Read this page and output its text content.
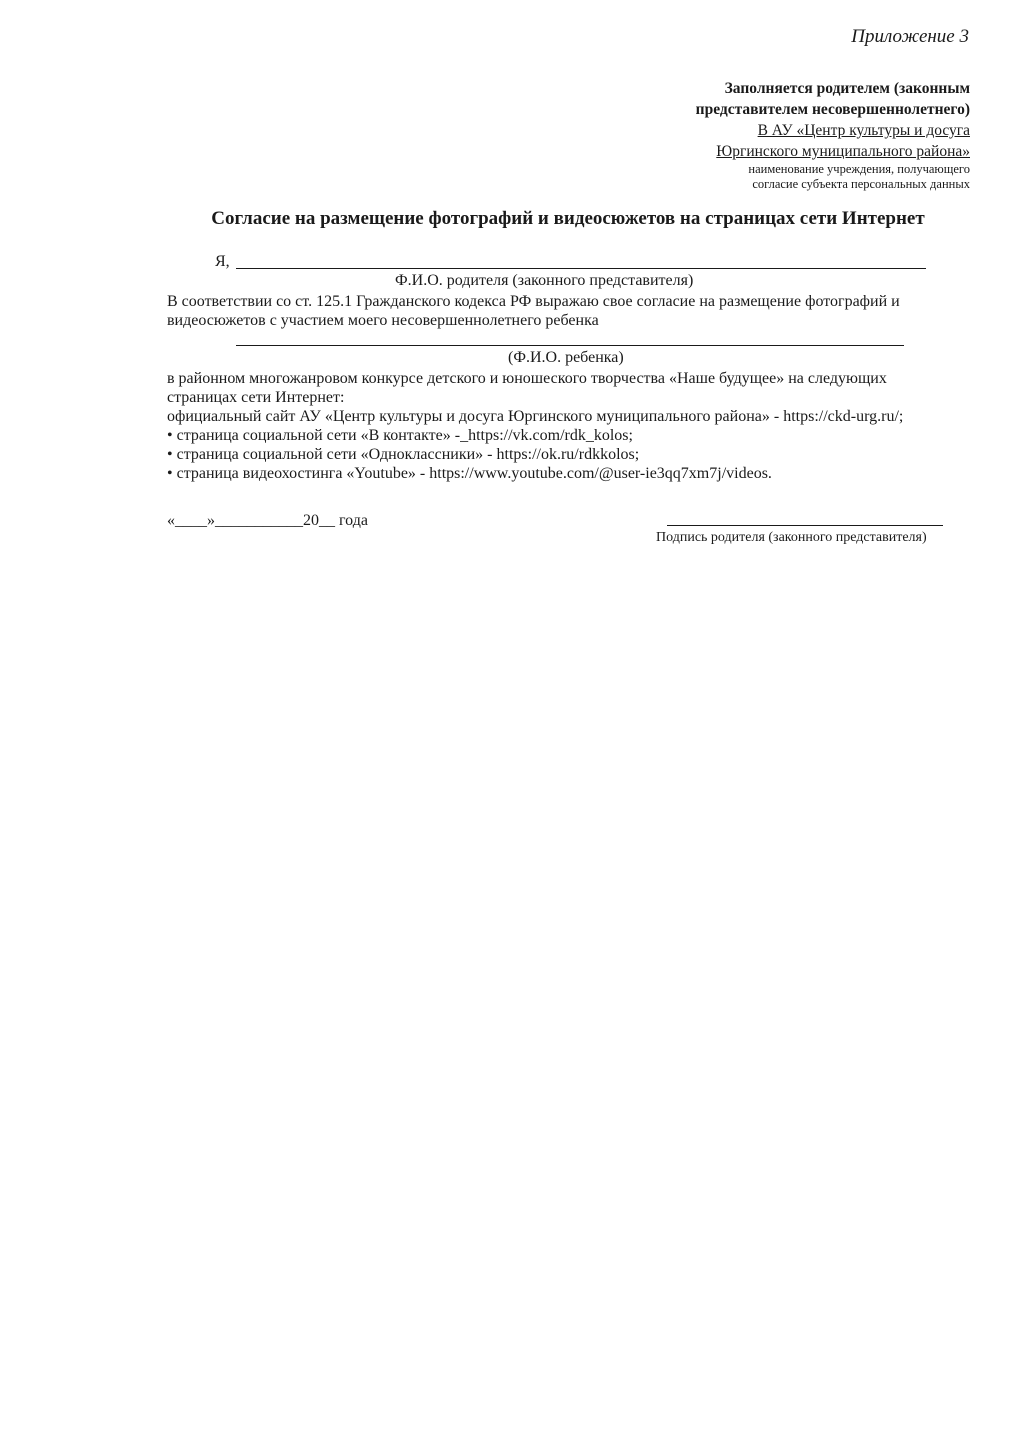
Приложение 3
Заполняется родителем (законным
представителем несовершеннолетнего)
В АУ «Центр культуры и досуга
Юргинского муниципального района»
наименование учреждения, получающего
согласие субъекта персональных данных
Согласие на размещение фотографий и видеосюжетов на страницах сети Интернет
Я,
Ф.И.О. родителя (законного представителя)
В соответствии со ст. 125.1 Гражданского кодекса РФ выражаю свое согласие на размещение фотографий и
видеосюжетов с участием моего несовершеннолетнего ребенка
(Ф.И.О. ребенка)
в районном многожанровом конкурсе детского и юношеского творчества «Наше будущее» на следующих
страницах сети Интернет:
официальный сайт АУ «Центр культуры и досуга Юргинского муниципального района» - https://ckd-urg.ru/;
• страница социальной сети «В контакте» -_https://vk.com/rdk_kolos;
• страница социальной сети «Одноклассники» - https://ok.ru/rdkkolos;
• страница видеохостинга «Youtube» - https://www.youtube.com/@user-ie3qq7xm7j/videos.
«____»___________20__ года
Подпись родителя (законного представителя)
